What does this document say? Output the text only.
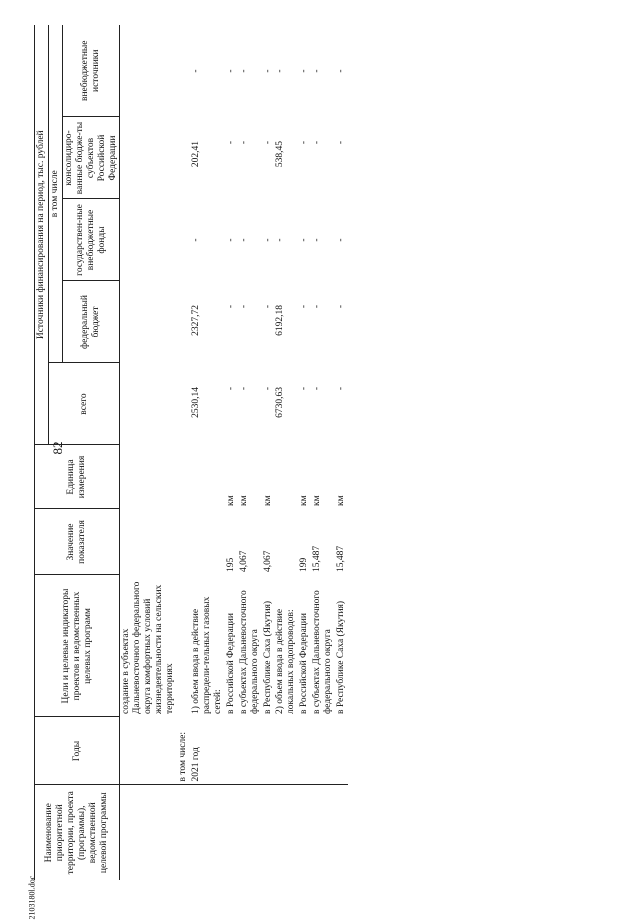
82
2103180l.doc
Наименование приоритетной территории, проекта (программы), ведомственной целевой программы	Годы	Цели и целевые индикаторы проектов и ведомственных целевых программ	Значение показателя	Единица измерения	Источники финансирования на период, тыс. рублей				
					всего	в том числе			
						федеральный бюджет	государствен-ные внебюджетные фонды	консолидиро-ванные бюдже-ты субъектов Российской Федерации	внебюджетные источники
		создание в субъектах Дальневосточного федерального округа комфортных условий жизнедеятельности на сельских территориях							
	в том числе:								
	2021 год	1) объем ввода в действие распредели-тельных газовых сетей:			2530,14	2327,72	-	202,41	-
		в Российской Федерации	195	км	-	-	-	-	-
		в субъектах Дальневосточного федерального округа	4,067	км	-	-	-	-	-
		в Республике Саха (Якутия)	4,067	км	-	-	-	-	-
		2) объем ввода в действие локальных водопроводов:			6730,63	6192,18	-	538,45	-
		в Российской Федерации	199	км	-	-	-	-	-
		в субъектах Дальневосточного федерального округа	15,487	км	-	-	-	-	-
		в Республике Саха (Якутия)	15,487	км	-	-	-	-	-
